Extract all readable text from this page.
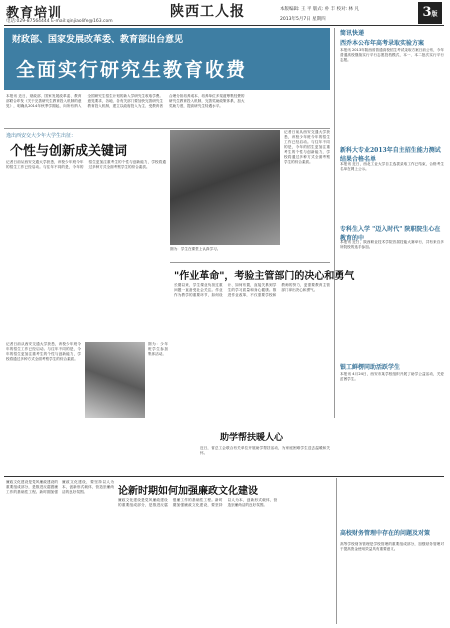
教育培训
电话:029-87564444 E-mail:qinjiaolife@163.com
陕西工人报	本版编辑: 王 平 版式: 朴 丰 校对: 林 凡
2013年5月7日 星期四	3版
财政部、国家发展改革委、教育部出台意见
全面实行研究生教育收费
本报讯 近日，财政部、国家发展改革委、教育部联合印发《关于完善研究生教育投入机制的意见》，明确从2014年秋季学期起，向所有纳入全国研究生招生计划的新入学研究生收取学费。意见要求，各地、各有关部门要加快完善研究生教育投入机制，建立以政府投入为主、受教育者合理分担培养成本、培养单位多渠道筹集经费的研究生教育投入机制，完善奖助政策体系，加大奖助力度，提高研究生待遇水平。
简讯快递
西乔本公布年高考录取实验方案
本报讯 2013年陕西省普通高校招生考试录取方案日前公布，今年普通高校继续实行平行志愿投档模式，本一、本二批次实行平行志愿。
新科大专业2013年自主招生能力测试结果合格名单
本报讯 近日，西北工业大学自主选拔录取工作已结束，合格考生名单在网上公示。
专科生入学 "迈入时代" 陕职院生心在教育的中
本报讯 近日，陕西职业技术学院首届技能大赛举行，共有来自多所院校的选手参加。
银工鲜楞同助活跃学生
本报讯 4月24日，西安市某学校组织开展了助学公益活动，关爱贫困学生。
逸出西安交大少年大学生出征：
个性与创新成关键词
记者日前从西安交通大学获悉，该校少年班今年的招生工作已经启动。与往年不同的是，今年的招生更加注重考生的个性与创新能力，学校将通过多种方式全面考察学生的综合素质。
图为：学生在课堂上认真学习。
记者日前从西安交通大学获悉，该校少年班今年的招生工作已经启动。与往年不同的是，今年的招生更加注重考生的个性与创新能力，学校将通过多种方式全面考察学生的综合素质。
"作业革命"，考验主管部门的决心和勇气
长期以来，学生课业负担过重问题一直备受社会关注。作业作为教学的重要环节，如何设计、如何布置，直接关系到学生的学习质量和身心健康。推进作业改革，不仅需要学校和教师的努力，更需要教育主管部门拿出决心和勇气。
记者日前从西安交通大学获悉，该校少年班今年的招生工作已经启动。与往年不同的是，今年的招生更加注重考生的个性与创新能力，学校将通过多种方式全面考察学生的综合素质。
图为：少年班学生参加集体活动。
助学帮扶暖人心
近日，省总工会联合有关单位开展助学帮扶活动，为家庭困难学生送去温暖和关怀。
论新时期如何加强廉政文化建设
廉政文化建设是党风廉政建设的重要组成部分，是推进反腐倡廉工作的基础性工程。新时期加强廉政文化建设，要坚持以人为本，创新形式载体，营造崇廉尚洁的良好氛围。
廉政文化建设是党风廉政建设的重要组成部分，是推进反腐倡廉工作的基础性工程。新时期加强廉政文化建设，要坚持以人为本，创新形式载体，营造崇廉尚洁的良好氛围。
高校财务管理中存在的问题及对策
高等学校财务管理是学校管理的重要组成部分，加强财务管理对于提高资金使用效益具有重要意义。
